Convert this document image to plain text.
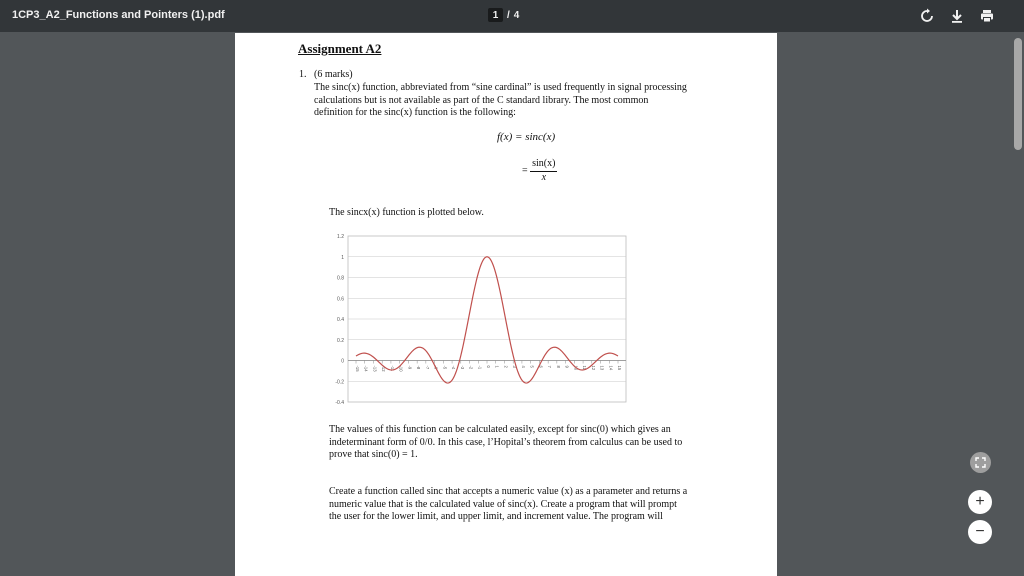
1CP3_A2_Functions and Pointers (1).pdf	1 / 4
Assignment A2
1. (6 marks)
The sinc(x) function, abbreviated from “sine cardinal” is used frequently in signal processing
calculations but is not available as part of the C standard library. The most common
definition for the sinc(x) function is the following:
f(x) = sinc(x)
= $\frac{\sin(x)}{x}$
The sincx(x) function is plotted below.
1.2
1
0.8
0.6
0.4
0.2
0
-0.2
-0.4
-15 -14 -13 -12 -11 -10 -9 -8 -7 -6 -5 -4 -3 -2 -1 0 1 2 3 4 5 6 7 8 9 10 11 12 13 14 15
The values of this function can be calculated easily, except for sinc(0) which gives an
indeterminant form of 0/0. In this case, l’Hopital’s theorem from calculus can be used to
prove that sinc(0) = 1.
Create a function called sinc that accepts a numeric value (x) as a parameter and returns a
numeric value that is the calculated value of sinc(x). Create a program that will prompt
the user for the lower limit, and upper limit, and increment value. The program will
+
−
